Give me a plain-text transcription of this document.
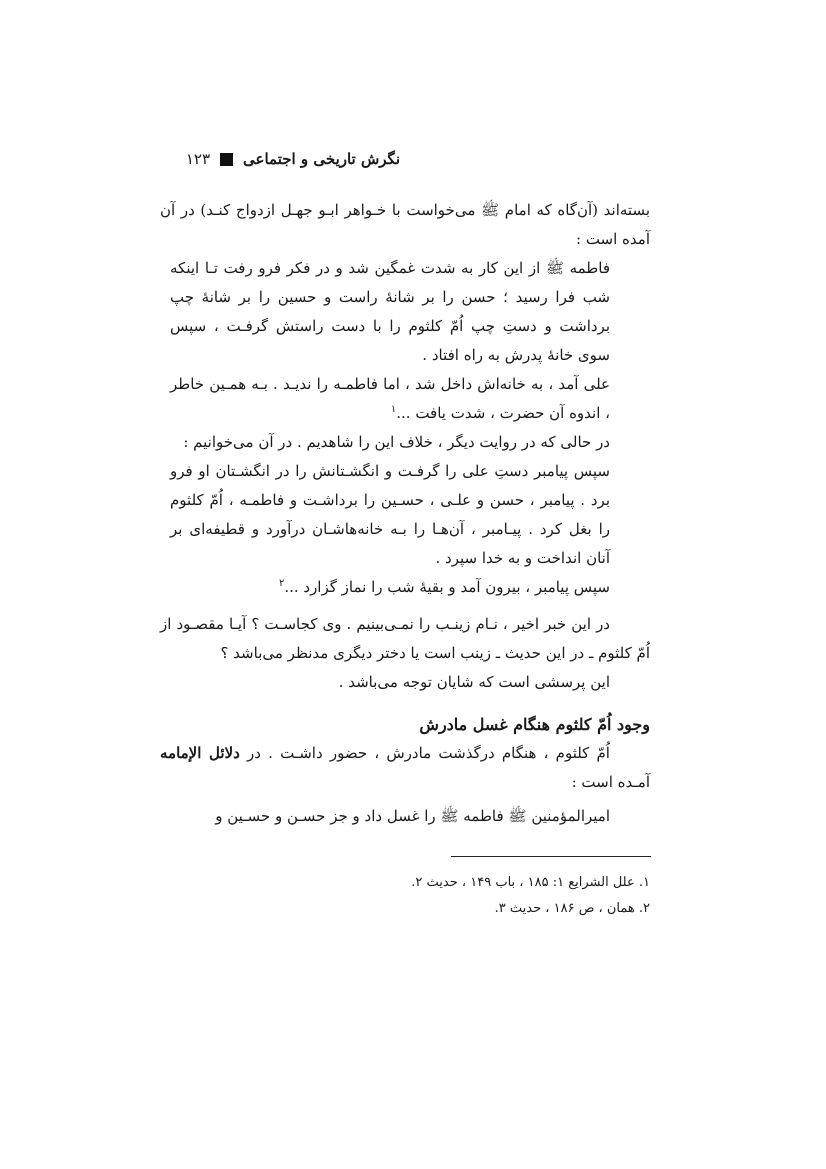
نگرش تاریخی و اجتماعی
۱۲۳

بسته‌اند (آن‌گاه که امام ﷺ می‌خواست با خـواهر ابـو جهـل ازدواج کنـد) در آن آمده است :

فاطمه ﷺ از این کار به شدت غمگین شد و در فکر فرو رفت تـا اینکه شب فرا رسید ؛ حسن را بر شانهٔ راست و حسین را بر شانهٔ چپ برداشت و دستِ چپ اُمّ کلثوم را با دست راستش گرفـت ، سپس سوی خانهٔ پدرش به راه افتاد .

علی آمد ، به خانه‌اش داخل شد ، اما فاطمـه را ندیـد . بـه همـین خاطر ، اندوه آن حضرت ، شدت یافت ...$^۱$

در حالی که در روایت دیگر ، خلاف این را شاهدیم . در آن می‌خوانیم :

سپس پیامبر دستِ علی را گرفـت و انگشـتانش را در انگشـتان او فرو برد . پیامبر ، حسن و علـی ، حسـین را برداشـت و فاطمـه ، اُمّ کلثوم را بغل کرد . پیـامبر ، آن‌هـا را بـه خانه‌هاشـان درآورد و قطیفه‌ای بر آنان انداخت و به خدا سپرد .

سپس پیامبر ، بیرون آمد و بقیهٔ شب را نماز گزارد ...$^۲$

در این خبر اخیر ، نـام زینـب را نمـی‌بینیم . وی کجاسـت ؟ آیـا مقصـود از اُمّ کلثوم ـ در این حدیث ـ زینب است یا دختر دیگری مدنظر می‌باشد ؟

این پرسشی است که شایان توجه می‌باشد .

وجود اُمّ کلثوم هنگام غسل مادرش

اُمّ کلثوم ، هنگام درگذشت مادرش ، حضور داشـت . در دلائل الإمامه آمـده است :

امیرالمؤمنین ﷺ فاطمه ﷺ را غسل داد و جز حسـن و حسـین و

۱. علل الشرایع ۱: ۱۸۵ ، باب ۱۴۹ ، حدیث ۲.

۲. همان ، ص ۱۸۶ ، حدیث ۳.
